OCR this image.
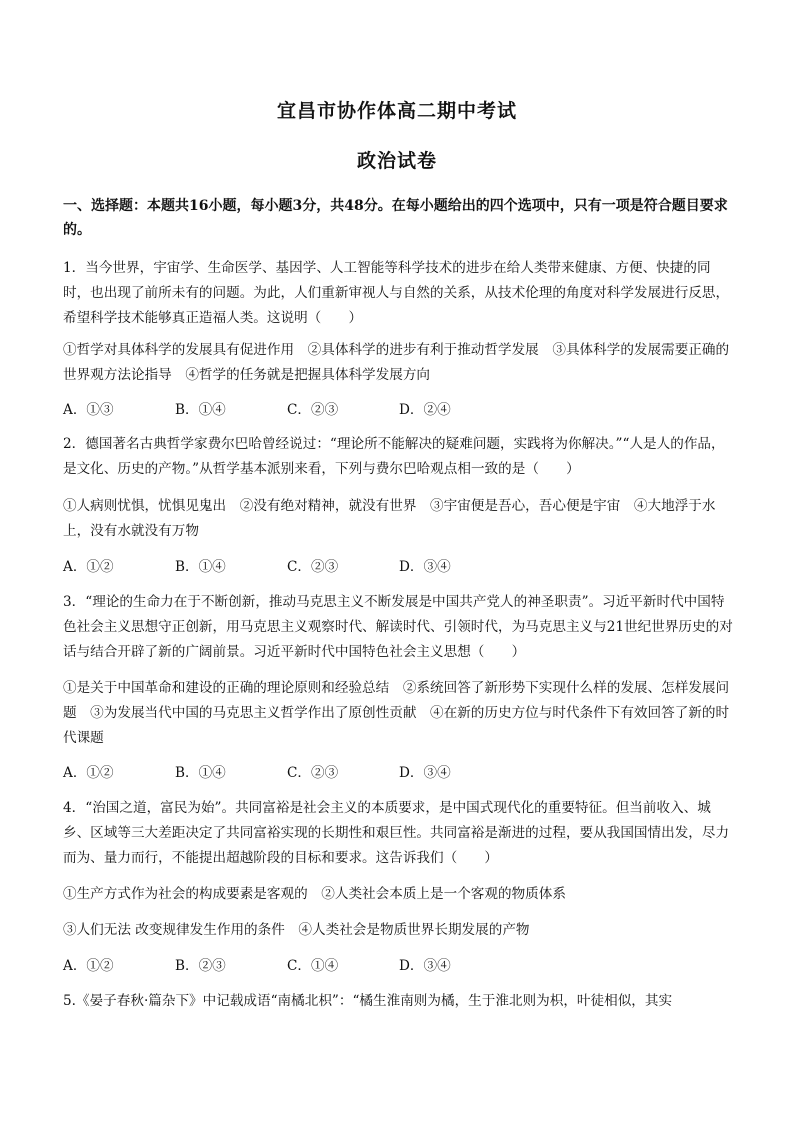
宜昌市协作体高二期中考试
政治试卷
一、选择题：本题共16小题，每小题3分，共48分。在每小题给出的四个选项中，只有一项是符合题目要求的。

1．当今世界，宇宙学、生命医学、基因学、人工智能等科学技术的进步在给人类带来健康、方便、快捷的同时，也出现了前所未有的问题。为此，人们重新审视人与自然的关系，从技术伦理的角度对科学发展进行反思，希望科学技术能够真正造福人类。这说明（　　）

①哲学对具体科学的发展具有促进作用　②具体科学的进步有利于推动哲学发展　③具体科学的发展需要正确的世界观方法论指导　④哲学的任务就是把握具体科学发展方向

A．①③	B．①④	C．②③	D．②④

2．德国著名古典哲学家费尔巴哈曾经说过：“理论所不能解决的疑难问题，实践将为你解决。”“人是人的作品，是文化、历史的产物。”从哲学基本派别来看，下列与费尔巴哈观点相一致的是（　　）

①人病则忧惧，忧惧见鬼出　②没有绝对精神，就没有世界　③宇宙便是吾心，吾心便是宇宙　④大地浮于水上，没有水就没有万物

A．①②	B．①④	C．②③	D．③④

3．“理论的生命力在于不断创新，推动马克思主义不断发展是中国共产党人的神圣职责”。习近平新时代中国特色社会主义思想守正创新，用马克思主义观察时代、解读时代、引领时代，为马克思主义与21世纪世界历史的对话与结合开辟了新的广阔前景。习近平新时代中国特色社会主义思想（　　）

①是关于中国革命和建设的正确的理论原则和经验总结　②系统回答了新形势下实现什么样的发展、怎样发展问题　③为发展当代中国的马克思主义哲学作出了原创性贡献　④在新的历史方位与时代条件下有效回答了新的时代课题

A．①②	B．①④	C．②③	D．③④

4．“治国之道，富民为始”。共同富裕是社会主义的本质要求，是中国式现代化的重要特征。但当前收入、城乡、区域等三大差距决定了共同富裕实现的长期性和艰巨性。共同富裕是渐进的过程，要从我国国情出发，尽力而为、量力而行，不能提出超越阶段的目标和要求。这告诉我们（　　）

①生产方式作为社会的构成要素是客观的　②人类社会本质上是一个客观的物质体系

③人们无法 改变规律发生作用的条件　④人类社会是物质世界长期发展的产物

A．①②	B．②③	C．①④	D．③④

5.《晏子春秋·篇杂下》中记载成语“南橘北枳”：“橘生淮南则为橘，生于淮北则为枳，叶徒相似，其实
